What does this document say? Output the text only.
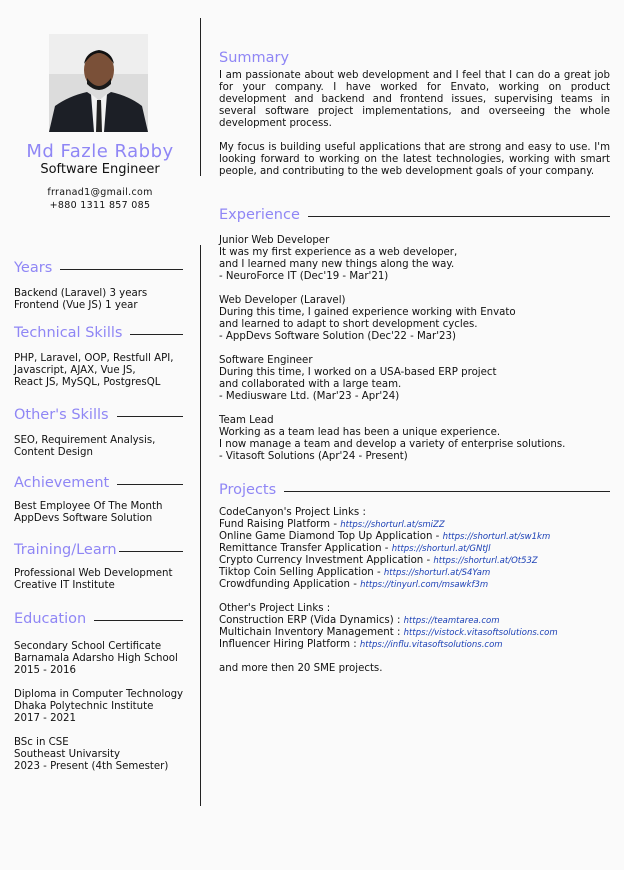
Md Fazle Rabby
Software Engineer
frranad1@gmail.com
+880 1311 857 085
Years
Backend (Laravel) 3 years
Frontend (Vue JS) 1 year
Technical Skills
PHP, Laravel, OOP, Restfull API,
Javascript, AJAX, Vue JS,
React JS, MySQL, PostgresQL
Other's Skills
SEO, Requirement Analysis,
Content Design
Achievement
Best Employee Of The Month
AppDevs Software Solution
Training/Learn
Professional Web Development
Creative IT Institute
Education
Secondary School Certificate
Barnamala Adarsho High School
2015 - 2016
Diploma in Computer Technology
Dhaka Polytechnic Institute
2017 - 2021
BSc in CSE
Southeast Univarsity
2023 - Present (4th Semester)
Summary

I am passionate about web development and I feel that I can do a great job for your company. I have worked for Envato, working on product development and backend and frontend issues, supervising teams in several software project implementations, and overseeing the whole development process.

My focus is building useful applications that are strong and easy to use. I'm looking forward to working on the latest technologies, working with smart people, and contributing to the web development goals of your company.

Experience
Junior Web Developer
It was my first experience as a web developer,
and I learned many new things along the way.
- NeuroForce IT (Dec'19 - Mar'21)
Web Developer (Laravel)
During this time, I gained experience working with Envato
and learned to adapt to short development cycles.
- AppDevs Software Solution (Dec'22 - Mar'23)
Software Engineer
During this time, I worked on a USA-based ERP project
and collaborated with a large team.
- Mediusware Ltd. (Mar'23 - Apr'24)
Team Lead
Working as a team lead has been a unique experience.
I now manage a team and develop a variety of enterprise solutions.
- Vitasoft Solutions (Apr'24 - Present)
Projects
CodeCanyon's Project Links :
Fund Raising Platform - https://shorturl.at/smiZZ
Online Game Diamond Top Up Application - https://shorturl.at/sw1km
Remittance Transfer Application - https://shorturl.at/GNtJl
Crypto Currency Investment Application - https://shorturl.at/Ot53Z
Tiktop Coin Selling Application - https://shorturl.at/S4Yam
Crowdfunding Application - https://tinyurl.com/msawkf3m
Other's Project Links :
Construction ERP (Vida Dynamics) : https://teamtarea.com
Multichain Inventory Management : https://vistock.vitasoftsolutions.com
Influencer Hiring Platform : https://influ.vitasoftsolutions.com
and more then 20 SME projects.
